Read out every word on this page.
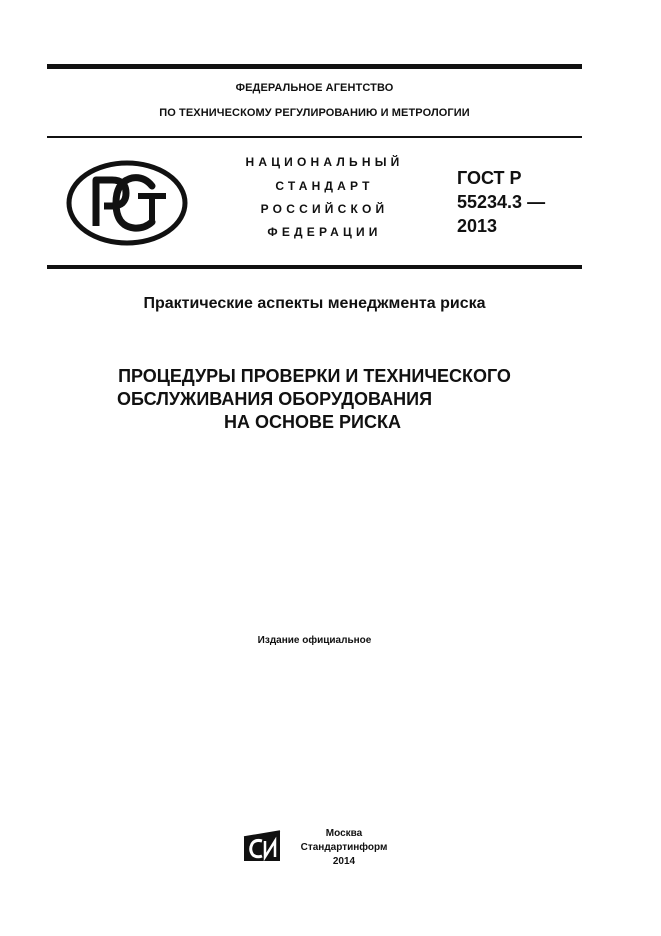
ФЕДЕРАЛЬНОЕ АГЕНТСТВО
ПО ТЕХНИЧЕСКОМУ РЕГУЛИРОВАНИЮ И МЕТРОЛОГИИ
НАЦИОНАЛЬНЫЙ
СТАНДАРТ
РОССИЙСКОЙ
ФЕДЕРАЦИИ
ГОСТ Р
55234.3 —
2013
Практические аспекты менеджмента риска
ПРОЦЕДУРЫ ПРОВЕРКИ И ТЕХНИЧЕСКОГО
ОБСЛУЖИВАНИЯ ОБОРУДОВАНИЯ
НА ОСНОВЕ РИСКА
Издание официальное
Москва
Стандартинформ
2014
